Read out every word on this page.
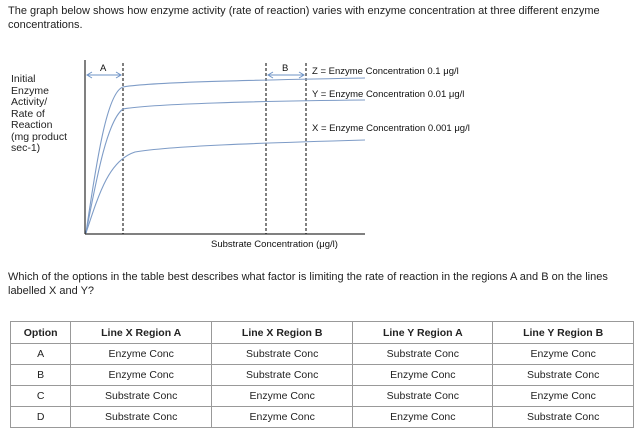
The graph below shows how enzyme activity (rate of reaction) varies with enzyme concentration at three different enzyme concentrations.

Initial
Enzyme
Activity/
Rate of
Reaction
(mg product
sec-1)
A	B Z = Enzyme Concentration 0.1 μg/l
Y = Enzyme Concentration 0.01 μg/l
X = Enzyme Concentration 0.001 μg/l
Substrate Concentration (μg/l)

Which of the options in the table best describes what factor is limiting the rate of reaction in the regions A and B on the lines labelled X and Y?

Option	Line X Region A	Line X Region B	Line Y Region A	Line Y Region B
A	Enzyme Conc	Substrate Conc	Substrate Conc	Enzyme Conc
B	Enzyme Conc	Substrate Conc	Enzyme Conc	Substrate Conc
C	Substrate Conc	Enzyme Conc	Substrate Conc	Enzyme Conc
D	Substrate Conc	Enzyme Conc	Enzyme Conc	Substrate Conc
